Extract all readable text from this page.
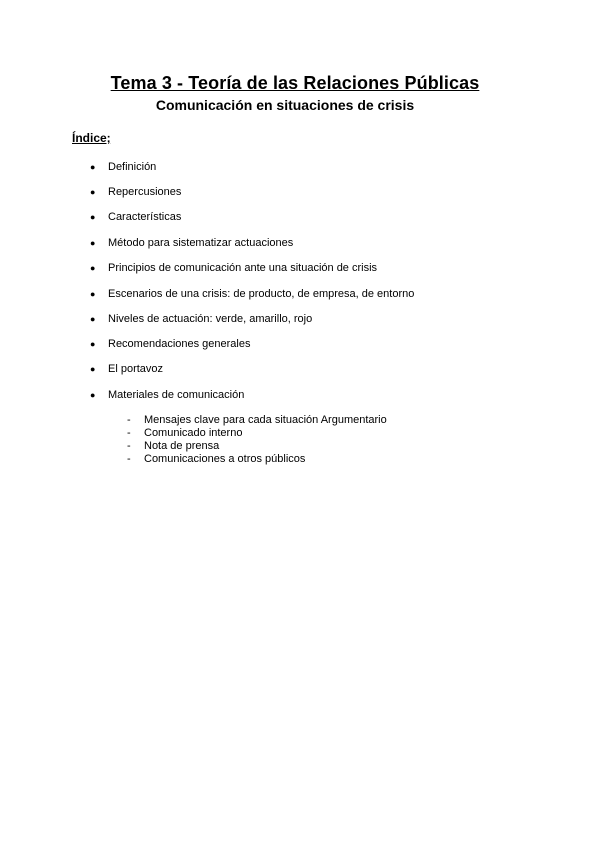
Tema 3 - Teoría de las Relaciones Públicas
Comunicación en situaciones de crisis
Índice;
● Definición
● Repercusiones
● Características
● Método para sistematizar actuaciones
● Principios de comunicación ante una situación de crisis
● Escenarios de una crisis: de producto, de empresa, de entorno
● Niveles de actuación: verde, amarillo, rojo
● Recomendaciones generales
● El portavoz
● Materiales de comunicación
- Mensajes clave para cada situación Argumentario
- Comunicado interno
- Nota de prensa
- Comunicaciones a otros públicos
